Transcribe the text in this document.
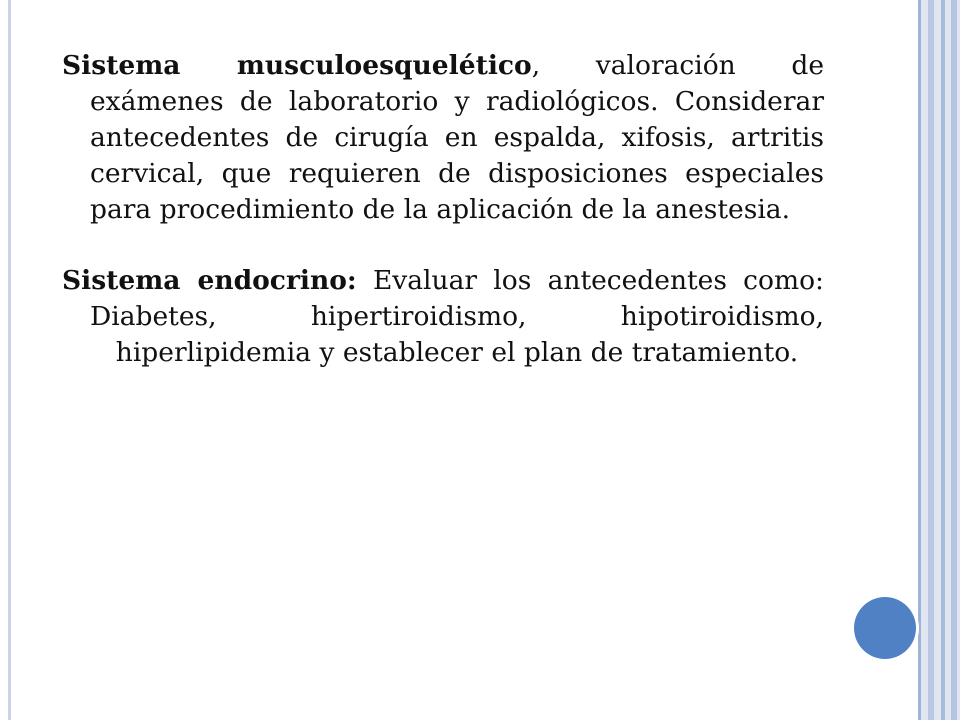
Sistema musculoesquelético, valoración de exámenes de laboratorio y radiológicos. Considerar antecedentes de cirugía en espalda, xifosis, artritis cervical, que requieren de disposiciones especiales para procedimiento de la aplicación de la anestesia.

Sistema endocrino: Evaluar los antecedentes como: Diabetes, hipertiroidismo, hipotiroidismo, hiperlipidemia y establecer el plan de tratamiento.
